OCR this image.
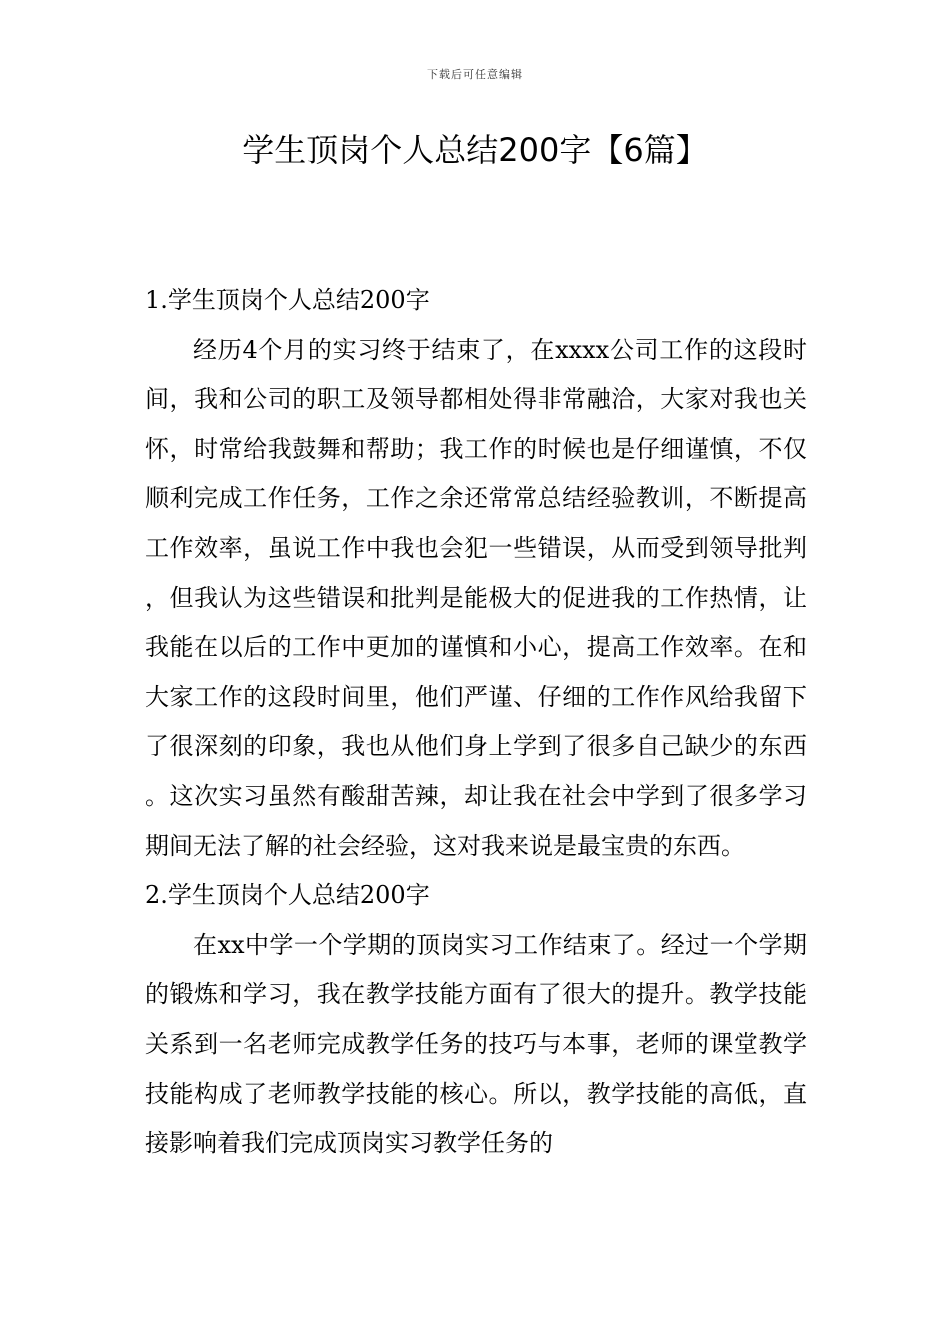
下载后可任意编辑
学生顶岗个人总结200字【6篇】
1.学生顶岗个人总结200字

经历4个月的实习终于结束了，在xxxx公司工作的这段时间，我和公司的职工及领导都相处得非常融洽，大家对我也关怀，时常给我鼓舞和帮助；我工作的时候也是仔细谨慎，不仅顺利完成工作任务，工作之余还常常总结经验教训，不断提高工作效率，虽说工作中我也会犯一些错误，从而受到领导批判，但我认为这些错误和批判是能极大的促进我的工作热情，让我能在以后的工作中更加的谨慎和小心，提高工作效率。在和大家工作的这段时间里，他们严谨、仔细的工作作风给我留下了很深刻的印象，我也从他们身上学到了很多自己缺少的东西。这次实习虽然有酸甜苦辣，却让我在社会中学到了很多学习期间无法了解的社会经验，这对我来说是最宝贵的东西。

2.学生顶岗个人总结200字

在xx中学一个学期的顶岗实习工作结束了。经过一个学期的锻炼和学习，我在教学技能方面有了很大的提升。教学技能关系到一名老师完成教学任务的技巧与本事，老师的课堂教学技能构成了老师教学技能的核心。所以，教学技能的高低，直接影响着我们完成顶岗实习教学任务的
